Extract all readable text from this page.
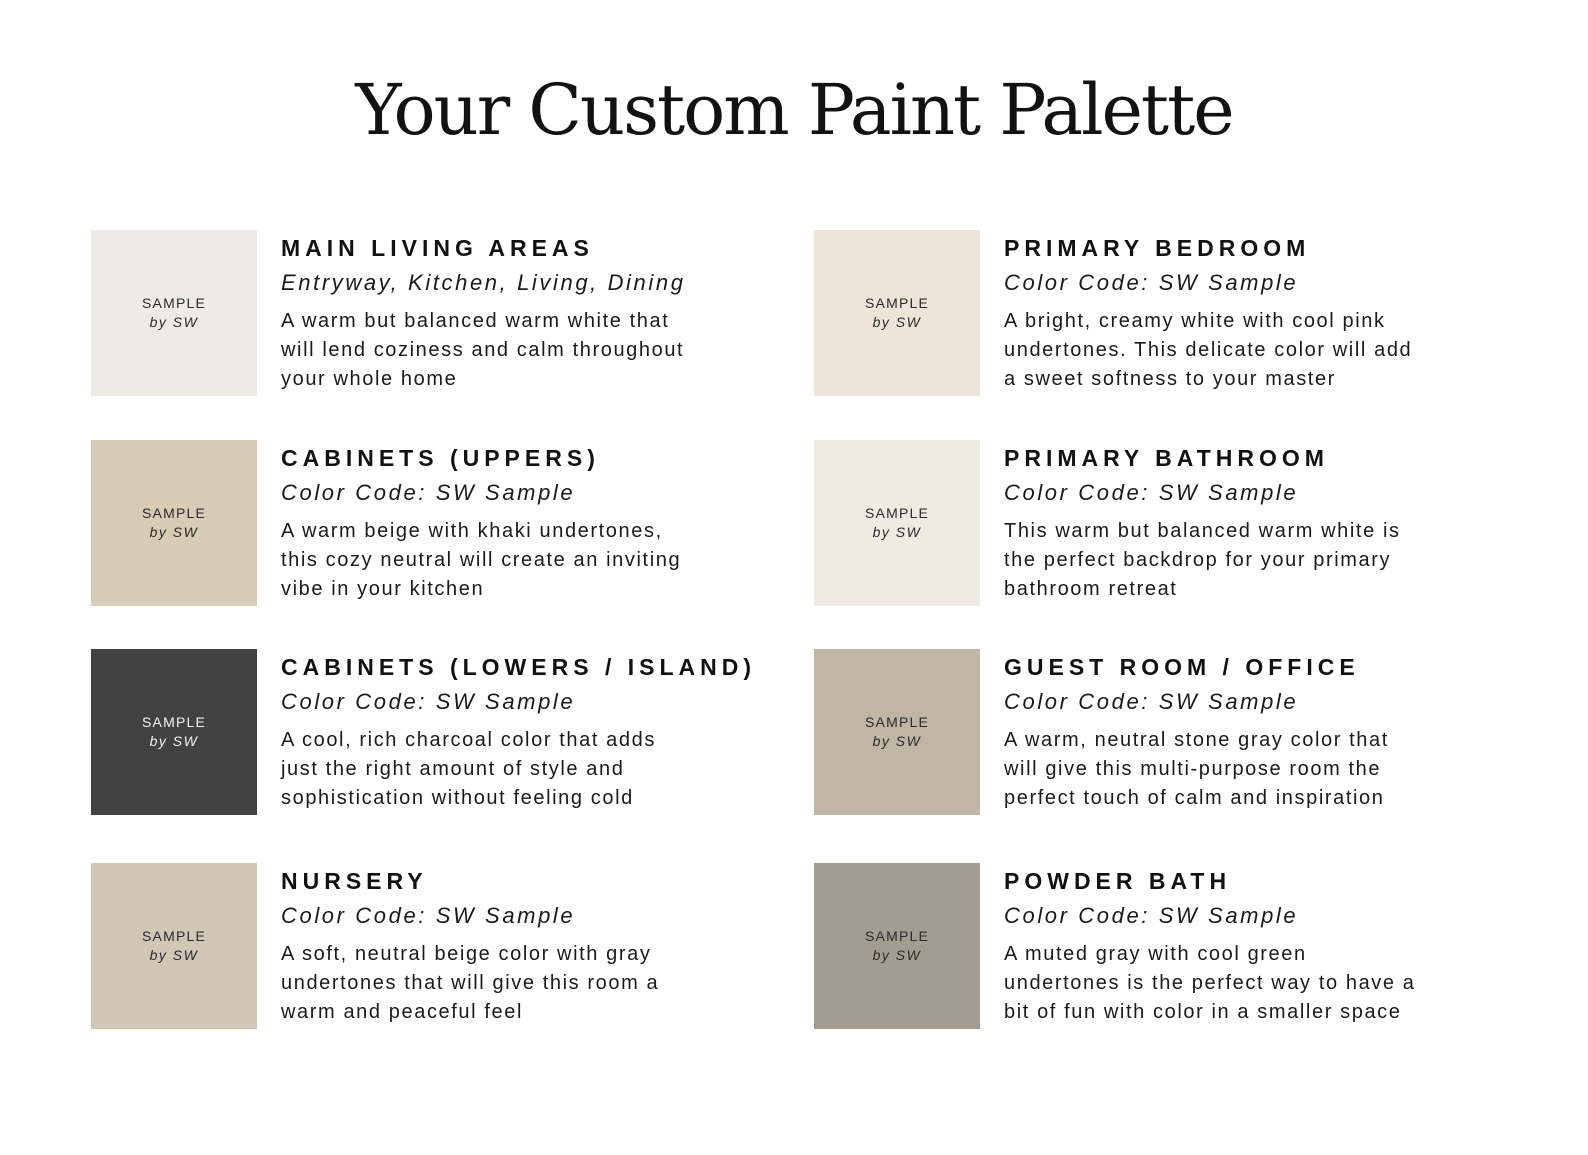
Your Custom Paint Palette
SAMPLE
by SW
MAIN LIVING AREAS
Entryway, Kitchen, Living, Dining
A warm but balanced warm white that
will lend coziness and calm throughout
your whole home
SAMPLE
by SW
CABINETS (UPPERS)
Color Code: SW Sample
A warm beige with khaki undertones,
this cozy neutral will create an inviting
vibe in your kitchen
SAMPLE
by SW
CABINETS (LOWERS / ISLAND)
Color Code: SW Sample
A cool, rich charcoal color that adds
just the right amount of style and
sophistication without feeling cold
SAMPLE
by SW
NURSERY
Color Code: SW Sample
A soft, neutral beige color with gray
undertones that will give this room a
warm and peaceful feel
SAMPLE
by SW
PRIMARY BEDROOM
Color Code: SW Sample
A bright, creamy white with cool pink
undertones. This delicate color will add
a sweet softness to your master
SAMPLE
by SW
PRIMARY BATHROOM
Color Code: SW Sample
This warm but balanced warm white is
the perfect backdrop for your primary
bathroom retreat
SAMPLE
by SW
GUEST ROOM / OFFICE
Color Code: SW Sample
A warm, neutral stone gray color that
will give this multi-purpose room the
perfect touch of calm and inspiration
SAMPLE
by SW
POWDER BATH
Color Code: SW Sample
A muted gray with cool green
undertones is the perfect way to have a
bit of fun with color in a smaller space
